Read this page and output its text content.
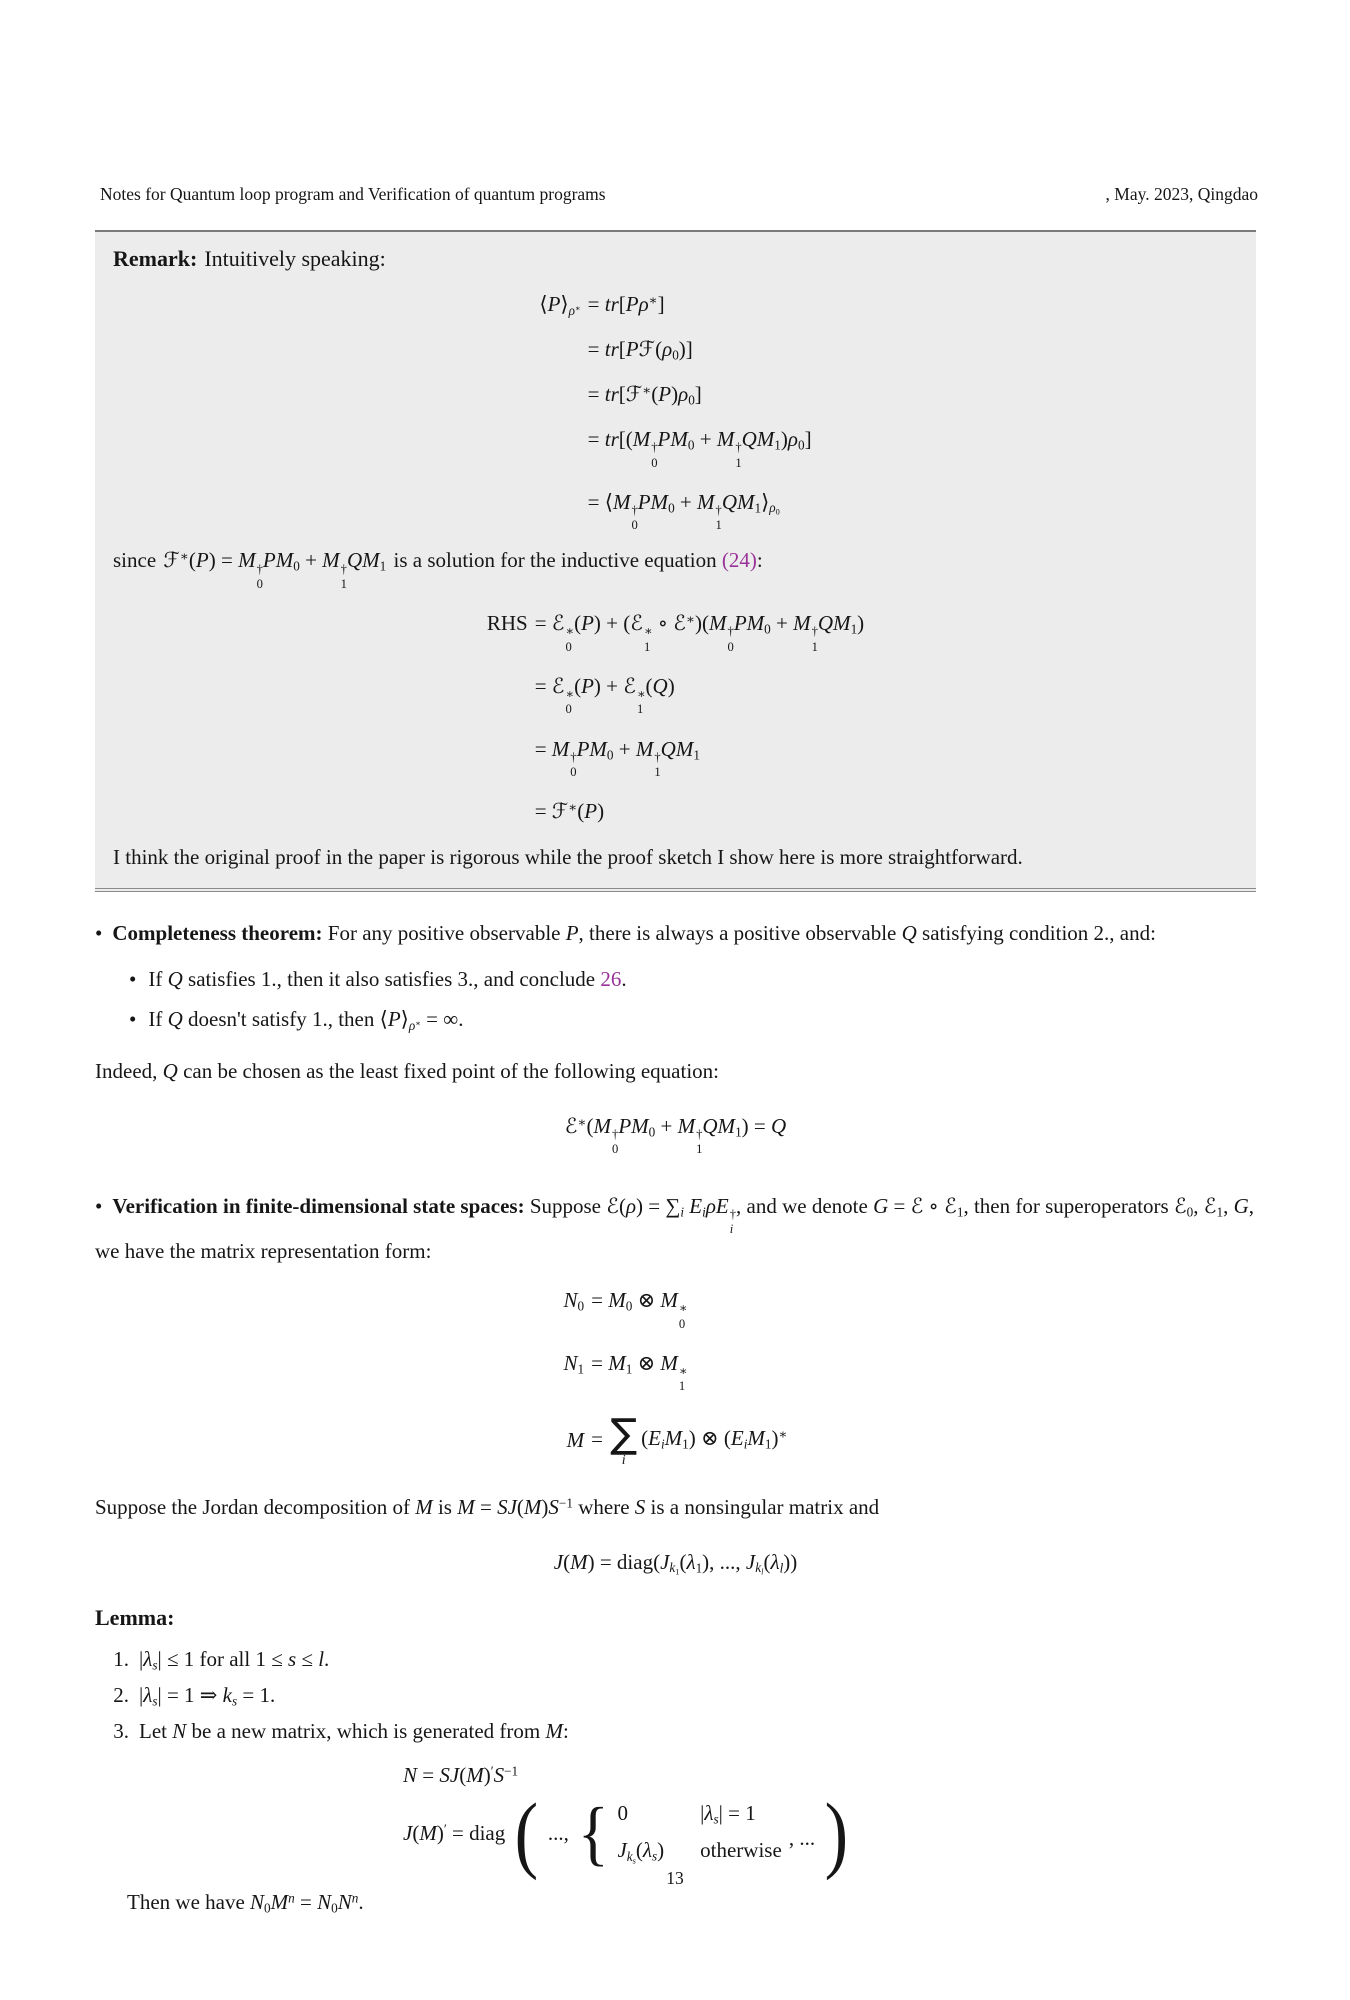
Notes for Quantum loop program and Verification of quantum programs	, May. 2023, Qingdao

Remark: Intuitively speaking:

$⟨P⟩_{\rho^∗}$	= tr[Pρ∗]
	= $tr[Pℱ(\rho_0)]$
	= $tr[ℱ^∗(P)\rho_0]$
	= tr[(M †
0
$PM_0 + M$ †
1
$QM_1)\rho_0$]
	= ⟨M †
0
$PM_0 + M$ †
1
$QM_1⟩_{\rho_0}$

since ℱ∗(P) = M †
0
$PM_0 + M$ †
1
$QM_1$ is a solution for the inductive equation (24):

RHS	= ℰ ∗
0
(P) + (ℰ ∗
1
∘ ℰ∗)(M †
0
$PM_0 + M$ †
1
$QM_1$)
	= ℰ ∗
0
(P) + ℰ ∗
1
(Q)
	= M †
0
$PM_0 + M$ †
1
$QM_1$
	= ℱ∗(P)

I think the original proof in the paper is rigorous while the proof sketch I show here is more straightforward.

• Completeness theorem: For any positive observable P, there is always a positive observable Q satisfying condition 2., and:

• If Q satisfies 1., then it also satisfies 3., and conclude 26.
• If Q doesn't satisfy 1., then $⟨P⟩_{\rho^∗}$ = ∞.

Indeed, Q can be chosen as the least fixed point of the following equation:

ℰ∗(M †
0
$PM_0 + M$ †
1
$QM_1) = Q$

• Verification in finite-dimensional state spaces: Suppose ℰ(ρ) = $\sum_i$ $E_i\rho E$ †
i
, and we denote G = ℰ ∘ ℰ$_1$, then for superoperators ℰ$_0$, ℰ$_1$, G, we have the matrix representation form:

$N_0$	= $M_0$ ⊗ M ∗
0

$N_1$	= $M_1$ ⊗ M ∗
1

M	= ∑
i
$(E_iM_1)$ ⊗ $(E_iM_1)^∗$

Suppose the Jordan decomposition of M is $M = SJ(M)S^{-1}$ where S is a nonsingular matrix and

$J(M) = diag(J_{k_1}(\lambda_1)$, ..., $J_{k_l}(\lambda_l)$)

Lemma:

1. $|\lambda_s| \le 1$ for all 1 ≤ s ≤ l.
2. $|\lambda_s| = 1$ ⇒ $k_s = 1$.
3. Let N be a new matrix, which is generated from M:
$N = SJ(M)'S^{-1}$
J(M)′ = diag ( ..., { 0	$|\lambda_s| = 1$
$J_{k_s}(\lambda_s)$ otherwise
, ... )

Then we have $N_0M^n = N_0N^n$.

13
